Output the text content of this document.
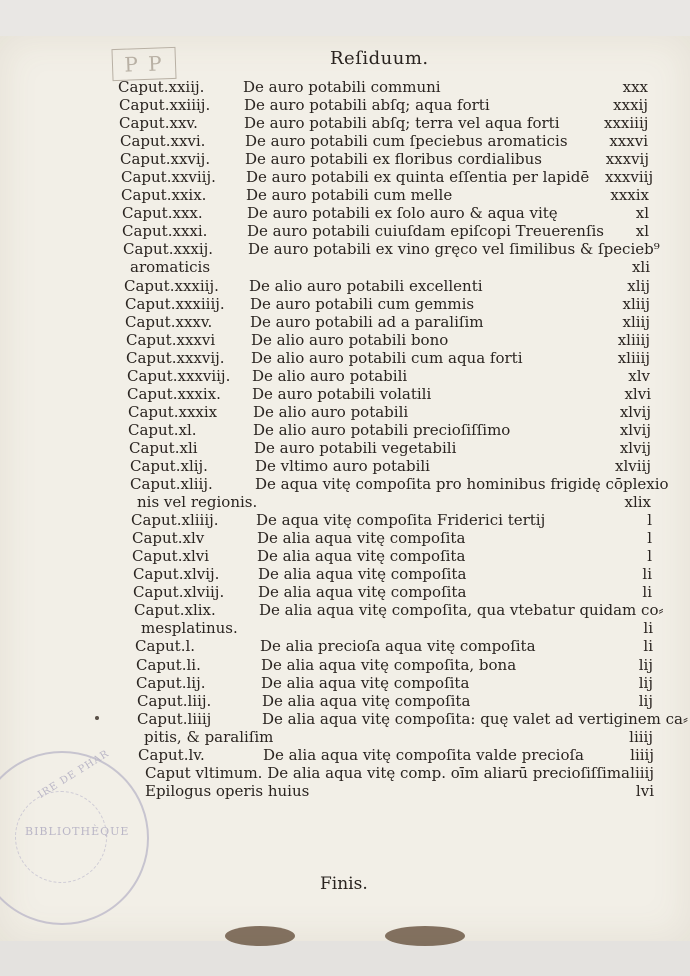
P P	Reſiduum.
Caput.xxiij.	De auro potabili communi	xxx
Caput.xxiiij. De auro potabili abſq; aqua forti	xxxij
Caput.xxv.	De auro potabili abſq; terra vel aqua forti	xxxiiij
Caput.xxvi.	De auro potabili cum ſpeciebus aromaticis	xxxvi
Caput.xxvij. De auro potabili ex floribus cordialibus	xxxvij
Caput.xxviij. De auro potabili ex quinta eſſentia per lapidē	xxxviij
Caput.xxix.	De auro potabili cum melle	xxxix
Caput.xxx.	De auro potabili ex ſolo auro & aqua vitę	xl
Caput.xxxi.	De auro potabili cuiuſdam epiſcopi Treuerenſis	xl
Caput.xxxij. De auro potabili ex vino gręco vel ſimilibus & ſpecieb⁹
aromaticis	xli
Caput.xxxiij. De alio auro potabili excellenti	xlij
Caput.xxxiiij. De auro potabili cum gemmis	xliij
Caput.xxxv.	De auro potabili ad a paraliſim	xliij
Caput.xxxvi De alio auro potabili bono	xliiij
Caput.xxxvij. De alio auro potabili cum aqua forti	xliiij
Caput.xxxviij. De alio auro potabili	xlv
Caput.xxxix. De auro potabili volatili	xlvi
Caput.xxxix De alio auro potabili	xlvij
Caput.xl.	De alio auro potabili precioſiſſimo	xlvij
Caput.xli	De auro potabili vegetabili	xlvij
Caput.xlij.	De vltimo auro potabili	xlviij
Caput.xliij.	De aqua vitę compoſita pro hominibus frigidę cōplexio
nis vel regionis.	xlix
Caput.xliiij. De aqua vitę compoſita Friderici tertij	l
Caput.xlv	De alia aqua vitę compoſita	l
Caput.xlvi	De alia aqua vitę compoſita	l
Caput.xlvij.	De alia aqua vitę compoſita	li
Caput.xlviij. De alia aqua vitę compoſita	li
Caput.xlix.	De alia aqua vitę compoſita, qua vtebatur quidam co⸗
mesplatinus.	li
Caput.l.	De alia precioſa aqua vitę compoſita	li
Caput.li.	De alia aqua vitę compoſita, bona	lij
Caput.lij.	De alia aqua vitę compoſita	lij
Caput.liij.	De alia aqua vitę compoſita	lij
Caput.liiij	De alia aqua vitę compoſita: quę valet ad vertiginem ca⸗
pitis, & paraliſim	liiij
Caput.lv.	De alia aqua vitę compoſita valde precioſa	liiij
Caput vltimum. De alia aqua vitę comp. oīm aliarū precioſiſſima liiij
Epilogus operis huius	lvi
Finis.
IRE DE PHAR
BIBLIOTHÈQUE
